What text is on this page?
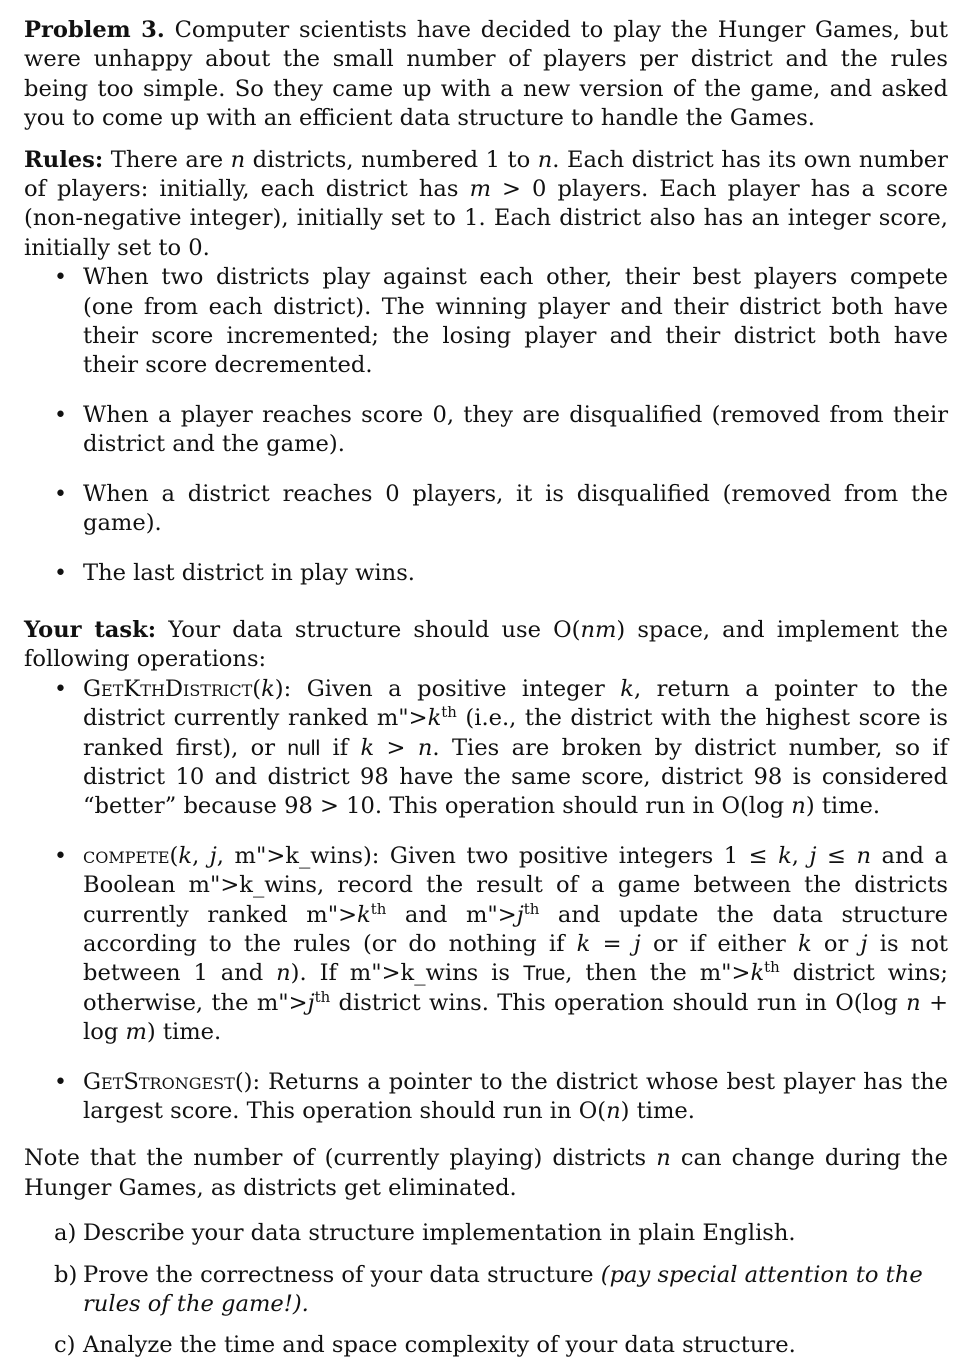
Problem 3. Computer scientists have decided to play the Hunger Games, but were unhappy about the small number of players per district and the rules being too simple. So they came up with a new version of the game, and asked you to come up with an efficient data structure to handle the Games.

Rules: There are n districts, numbered 1 to n. Each district has its own number of players: initially, each district has m > 0 players. Each player has a score (non-negative integer), initially set to 1. Each district also has an integer score, initially set to 0.

• When two districts play against each other, their best players compete (one from each district). The winning player and their district both have their score incremented; the losing player and their district both have their score decremented.
• When a player reaches score 0, they are disqualified (removed from their district and the game).
• When a district reaches 0 players, it is disqualified (removed from the game).
• The last district in play wins.

Your task: Your data structure should use O(nm) space, and implement the following operations:

• GetKthDistrict(k): Given a positive integer k, return a pointer to the district currently ranked $m">k^{th}$ (i.e., the district with the highest score is ranked first), or null if k > n. Ties are broken by district number, so if district 10 and district 98 have the same score, district 98 is considered “better” because 98 > 10. This operation should run in O(log n) time.
• compete(k, j, m">k_wins): Given two positive integers 1 ≤ k, j ≤ n and a Boolean m">k_wins, record the result of a game between the districts currently ranked $m">k^{th}$ and $m">j^{th}$ and update the data structure according to the rules (or do nothing if k = j or if either k or j is not between 1 and n). If m">k_wins is True, then the $m">k^{th}$ district wins; otherwise, the $m">j^{th}$ district wins. This operation should run in O(log n + log m) time.
• GetStrongest(): Returns a pointer to the district whose best player has the largest score. This operation should run in O(n) time.

Note that the number of (currently playing) districts n can change during the Hunger Games, as districts get eliminated.

a) Describe your data structure implementation in plain English.
b) Prove the correctness of your data structure (pay special attention to the rules of the game!).
c) Analyze the time and space complexity of your data structure.
